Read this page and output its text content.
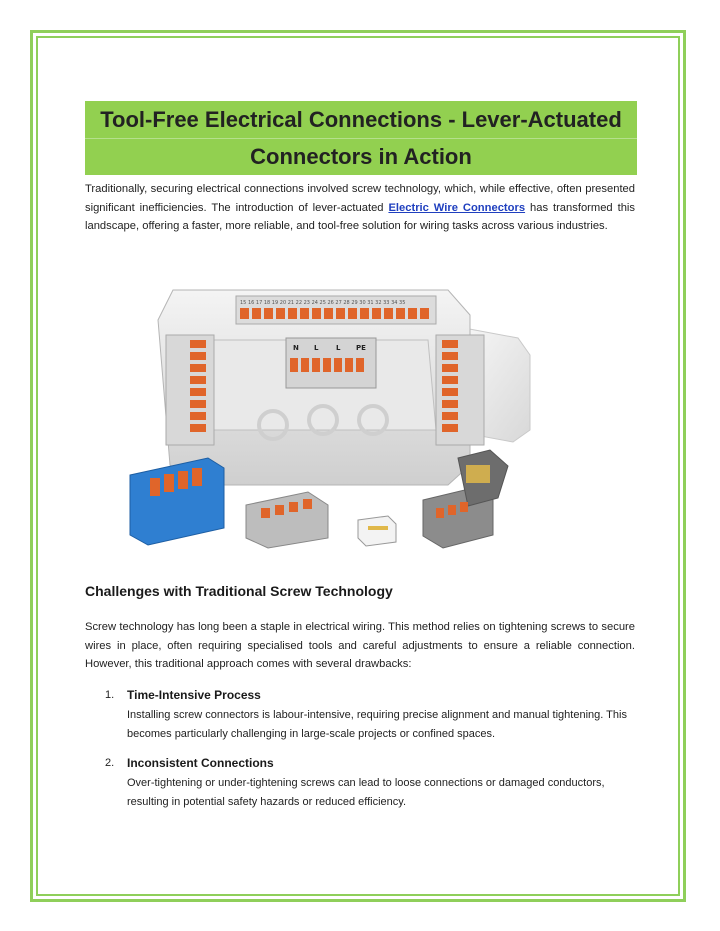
Tool-Free Electrical Connections - Lever-Actuated
Connectors in Action

Traditionally, securing electrical connections involved screw technology, which, while effective, often presented significant inefficiencies. The introduction of lever-actuated Electric Wire Connectors has transformed this landscape, offering a faster, more reliable, and tool-free solution for wiring tasks across various industries.

15 16 17 18 19 20 21 22 23 24 25 26 27 28 29 30 31 32 33 34 35
N L	L PE
Challenges with Traditional Screw Technology

Screw technology has long been a staple in electrical wiring. This method relies on tightening screws to secure wires in place, often requiring specialised tools and careful adjustments to ensure a reliable connection. However, this traditional approach comes with several drawbacks:

1. Time-Intensive Process
Installing screw connectors is labour-intensive, requiring precise alignment and manual tightening. This becomes particularly challenging in large-scale projects or confined spaces.
2. Inconsistent Connections
Over-tightening or under-tightening screws can lead to loose connections or damaged conductors, resulting in potential safety hazards or reduced efficiency.
